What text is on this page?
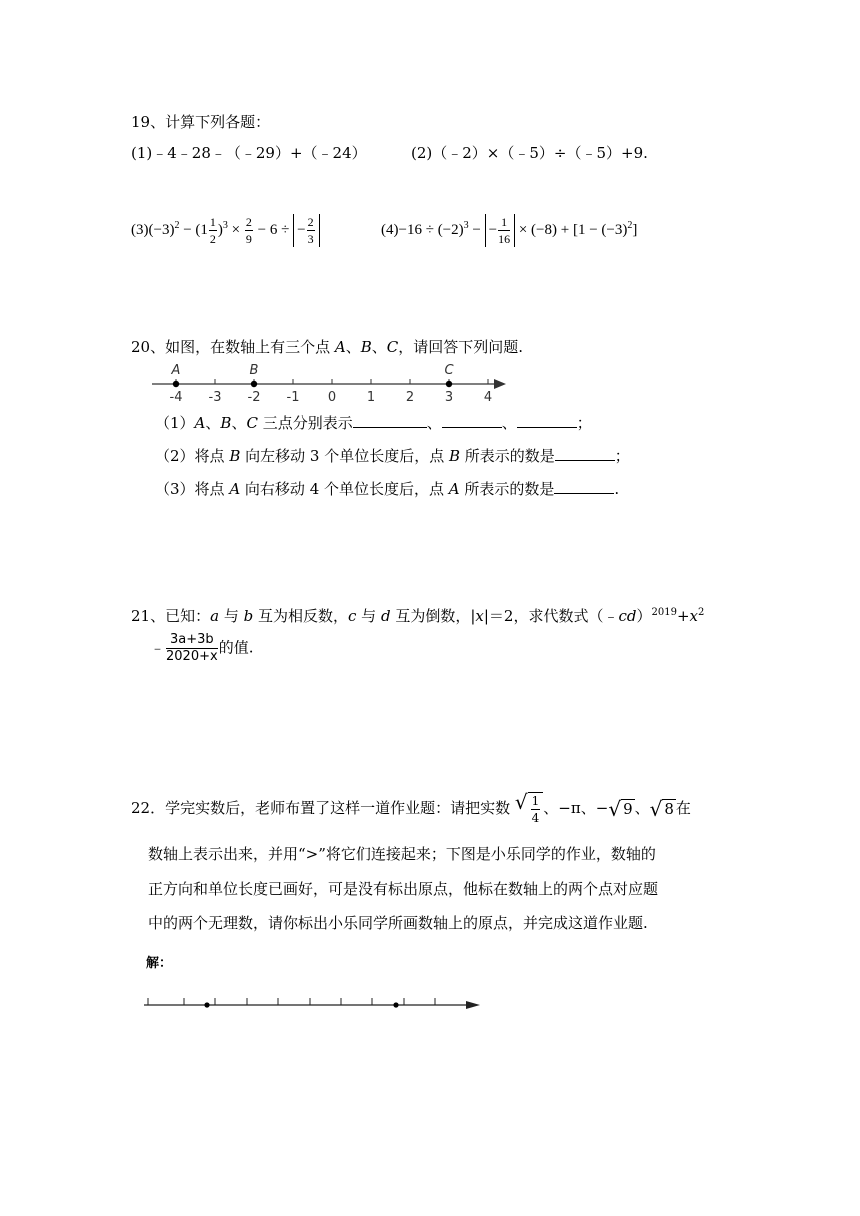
19、计算下列各题：
(1)﹣4﹣28﹣（﹣29）+（﹣24）	(2)（﹣2）×（﹣5）÷（﹣5）+9.
$(3)(-3)^2 - (1 \frac{1}{2} )^3 \times \frac{2}{9} - 6$ ÷ − $\frac{2}{3}$	$(4)-16 \div (-2)^3$ − − $\frac{1}{16} \times (-8) + [1 - (-3)^2]$
20、如图，在数轴上有三个点 A、B、C，请回答下列问题.
-4 -3 -2 -1 0 1 2 3 4
A	B	C
（1）A、B、C 三点分别表示	、	、	；
（2）将点 B 向左移动 3 个单位长度后，点 B 所表示的数是	；
（3）将点 A 向右移动 4 个单位长度后，点 A 所表示的数是	.
21、已知：a 与 b 互为相反数，c 与 d 互为倒数，|x|＝2，求代数式$(﹣cd)^{2019}+x^2$
﹣ $\frac{3a+3b}{2020+x}$ 的值.
22．学完实数后，老师布置了这样一道作业题：请把实数 √ $\frac{1}{4}$ 、−π、− √ 9 、 √ 8 在
数轴上表示出来，并用“>”将它们连接起来；下图是小乐同学的作业，数轴的
正方向和单位长度已画好，可是没有标出原点，他标在数轴上的两个点对应题
中的两个无理数，请你标出小乐同学所画数轴上的原点，并完成这道作业题.
解：
